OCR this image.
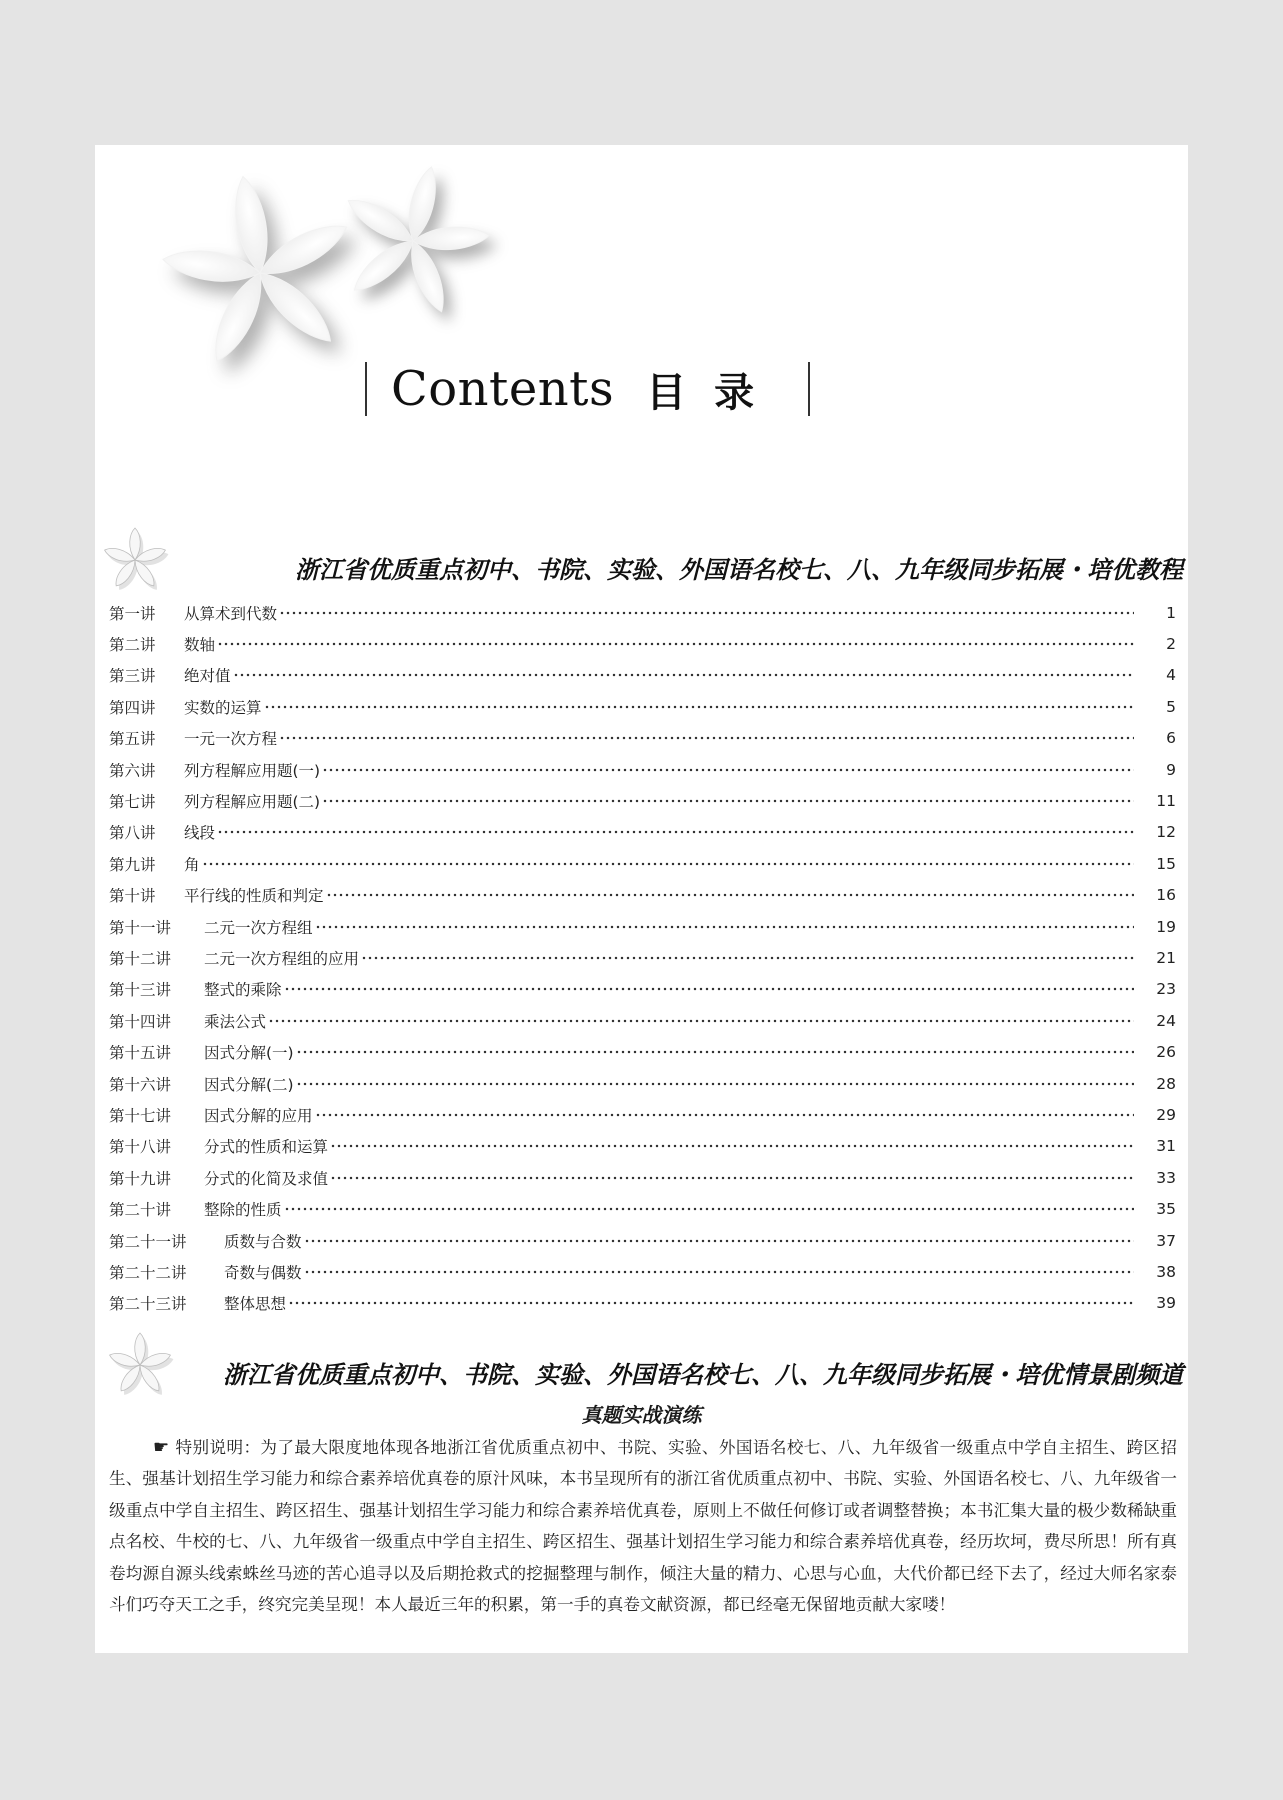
Contents 目录
浙江省优质重点初中、书院、实验、外国语名校七、八、九年级同步拓展・培优教程
第一讲	从算术到代数	1
第二讲	数轴	2
第三讲	绝对值	4
第四讲	实数的运算	5
第五讲	一元一次方程	6
第六讲	列方程解应用题(一)	9
第七讲	列方程解应用题(二)	11
第八讲	线段	12
第九讲	角	15
第十讲	平行线的性质和判定	16
第十一讲	二元一次方程组	19
第十二讲	二元一次方程组的应用	21
第十三讲	整式的乘除	23
第十四讲	乘法公式	24
第十五讲	因式分解(一)	26
第十六讲	因式分解(二)	28
第十七讲	因式分解的应用	29
第十八讲	分式的性质和运算	31
第十九讲	分式的化简及求值	33
第二十讲	整除的性质	35
第二十一讲	质数与合数	37
第二十二讲	奇数与偶数	38
第二十三讲	整体思想	39
浙江省优质重点初中、书院、实验、外国语名校七、八、九年级同步拓展・培优情景剧频道
真题实战演练
☛ 特别说明：为了最大限度地体现各地浙江省优质重点初中、书院、实验、外国语名校七、八、九年级省一级重点中学自主招生、跨区招生、强基计划招生学习能力和综合素养培优真卷的原汁风味，本书呈现所有的浙江省优质重点初中、书院、实验、外国语名校七、八、九年级省一级重点中学自主招生、跨区招生、强基计划招生学习能力和综合素养培优真卷，原则上不做任何修订或者调整替换；本书汇集大量的极少数稀缺重点名校、牛校的七、八、九年级省一级重点中学自主招生、跨区招生、强基计划招生学习能力和综合素养培优真卷，经历坎坷，费尽所思！所有真卷均源自源头线索蛛丝马迹的苦心追寻以及后期抢救式的挖掘整理与制作，倾注大量的精力、心思与心血，大代价都已经下去了，经过大师名家泰斗们巧夺天工之手，终究完美呈现！本人最近三年的积累，第一手的真卷文献资源，都已经毫无保留地贡献大家喽！
